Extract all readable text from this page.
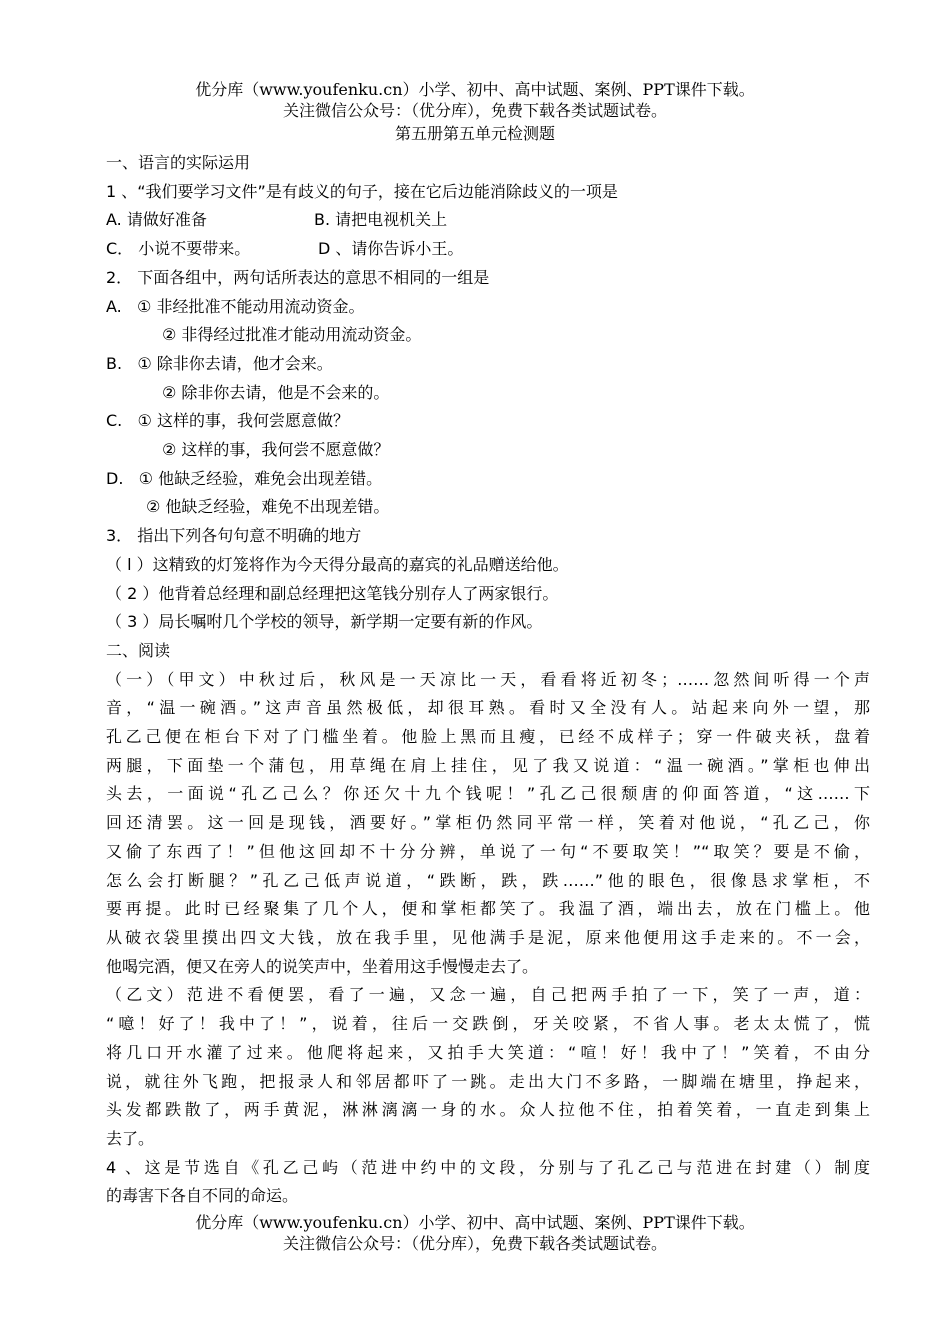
优分库（www.youfenku.cn）小学、初中、高中试题、案例、PPT课件下载。
关注微信公众号：（优分库），免费下载各类试题试卷。
第五册第五单元检测题
一、语言的实际运用
1 、“我们要学习文件”是有歧义的句子，接在它后边能消除歧义的一项是
A. 请做好准备	B. 请把电视机关上
C． 小说不要带来。	D 、请你告诉小王。
2． 下面各组中，两句话所表达的意思不相同的一组是
A.   ① 非经批准不能动用流动资金。
② 非得经过批准才能动用流动资金。
B.   ① 除非你去请，他才会来。
② 除非你去请，他是不会来的。
C.   ① 这样的事，我何尝愿意做？
② 这样的事，我何尝不愿意做？
D.   ① 他缺乏经验，难免会出现差错。
② 他缺乏经验，难免不出现差错。
3． 指出下列各句句意不明确的地方
（ l ）这精致的灯笼将作为今天得分最高的嘉宾的礼品赠送给他。
（ 2 ）他背着总经理和副总经理把这笔钱分别存人了两家银行。
（ 3 ）局长嘱咐几个学校的领导，新学期一定要有新的作风。
二、阅读
（一）（甲文）中秋过后，秋风是一天凉比一天，看看将近初冬；……忽然间听得一个声
音，“温一碗酒。”这声音虽然极低，却很耳熟。看时又全没有人。站起来向外一望，那
孔乙己便在柜台下对了门槛坐着。他脸上黑而且瘦，已经不成样子；穿一件破夹袄，盘着
两腿，下面垫一个蒲包，用草绳在肩上挂住，见了我又说道：“温一碗酒。”掌柜也伸出
头去，一面说“孔乙己么？你还欠十九个钱呢！”孔乙己很颓唐的仰面答道，“这……下
回还清罢。这一回是现钱，酒要好。”掌柜仍然同平常一样，笑着对他说，“孔乙己，你
又偷了东西了！”但他这回却不十分分辨，单说了一句“不要取笑！”“取笑？要是不偷，
怎么会打断腿？”孔乙己低声说道，“跌断，跌，跌……”他的眼色，很像恳求掌柜，不
要再提。此时已经聚集了几个人，便和掌柜都笑了。我温了酒，端出去，放在门槛上。他
从破衣袋里摸出四文大钱，放在我手里，见他满手是泥，原来他便用这手走来的。不一会，
他喝完酒，便又在旁人的说笑声中，坐着用这手慢慢走去了。
（乙文）范进不看便罢，看了一遍，又念一遍，自己把两手拍了一下，笑了一声，道：
“噫！好了！我中了！”，说着，往后一交跌倒，牙关咬紧，不省人事。老太太慌了，慌
将几口开水灌了过来。他爬将起来，又拍手大笑道：“喧！好！我中了！”笑着，不由分
说，就往外飞跑，把报录人和邻居都吓了一跳。走出大门不多路，一脚端在塘里，挣起来，
头发都跌散了，两手黄泥，淋淋漓漓一身的水。众人拉他不住，拍着笑着，一直走到集上
去了。
4 、这是节选自《孔乙己屿（范进中约中的文段，分别与了孔乙己与范进在封建（）制度
的毒害下各自不同的命运。
优分库（www.youfenku.cn）小学、初中、高中试题、案例、PPT课件下载。
关注微信公众号：（优分库），免费下载各类试题试卷。
